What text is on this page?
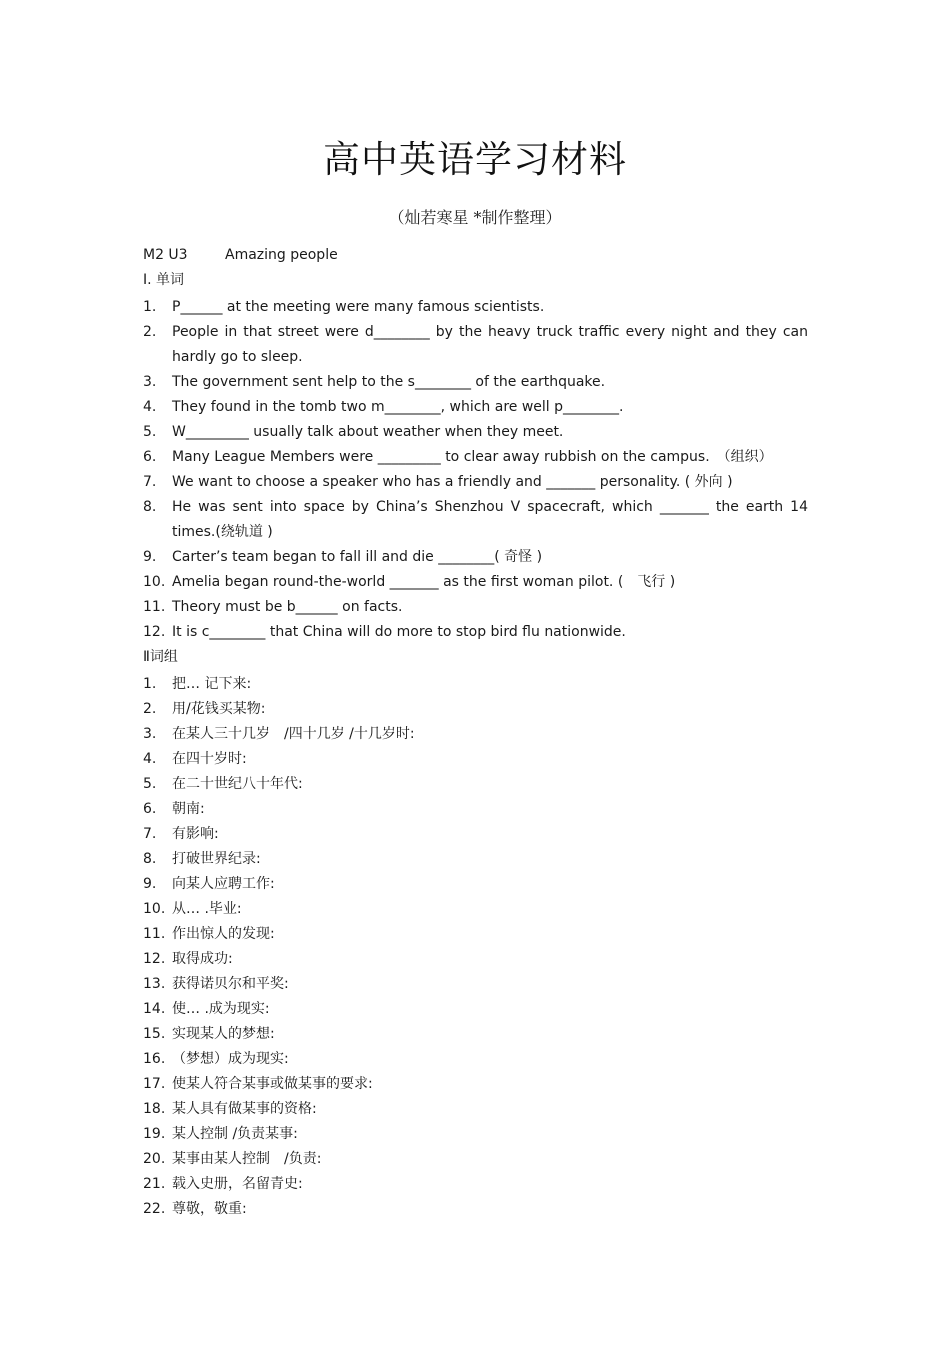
高中英语学习材料
（灿若寒星 *制作整理）
M2 U3	Amazing people
Ⅰ. 单词
1.	P______ at the meeting were many famous scientists.
2.	People in that street were d________ by the heavy truck traffic every night and they can hardly go to sleep.
3.	The government sent help to the s________ of the earthquake.
4.	They found in the tomb two m________, which are well p________.
5.	W_________ usually talk about weather when they meet.
6.	Many League Members were _________ to clear away rubbish on the campus.　（组织）
7.	We want to choose a speaker who has a friendly and _______ personality. ( 外向 )
8.	He was sent into space by China’s Shenzhou V spacecraft, which _______ the earth 14 times.(绕轨道 )
9.	Carter’s team began to fall ill and die ________( 奇怪 )
10. Amelia began round-the-world _______ as the first woman pilot. (　飞行 )
11. Theory must be b______ on facts.
12. It is c________ that China will do more to stop bird flu nationwide.
Ⅱ词组
1.	把… 记下来:
2.	用/花钱买某物:
3.	在某人三十几岁　/四十几岁 /十几岁时:
4.	在四十岁时:
5.	在二十世纪八十年代:
6.	朝南:
7.	有影响:
8.	打破世界纪录:
9.	向某人应聘工作:
10. 从… .毕业:
11. 作出惊人的发现:
12. 取得成功:
13. 获得诺贝尔和平奖:
14. 使… .成为现实:
15. 实现某人的梦想:
16. （梦想）成为现实:
17. 使某人符合某事或做某事的要求:
18. 某人具有做某事的资格:
19. 某人控制 /负责某事:
20. 某事由某人控制　/负责:
21. 载入史册，名留青史:
22. 尊敬，敬重:
